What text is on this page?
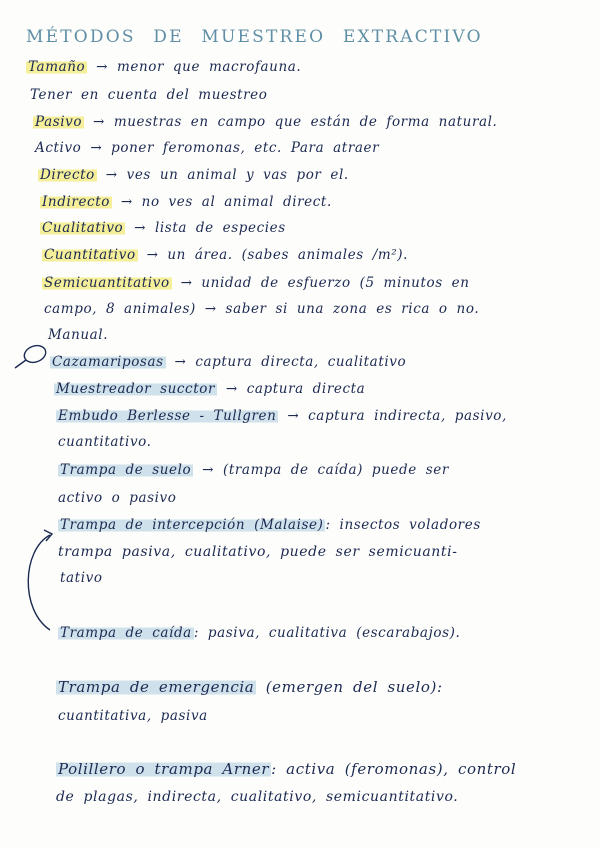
MÉTODOS DE MUESTREO EXTRACTIVO
Tamaño → menor que macrofauna.
Tener en cuenta del muestreo
Pasivo → muestras en campo que están de forma natural.
Activo → poner feromonas, etc. Para atraer
Directo → ves un animal y vas por el.
Indirecto → no ves al animal direct.
Cualitativo → lista de especies
Cuantitativo → un área. (sabes animales /m²).
Semicuantitativo → unidad de esfuerzo (5 minutos en
campo, 8 animales) → saber si una zona es rica o no.
Manual.
Cazamariposas → captura directa, cualitativo
Muestreador succtor → captura directa
Embudo Berlesse - Tullgren → captura indirecta, pasivo,
cuantitativo.
Trampa de suelo → (trampa de caída) puede ser
activo o pasivo
Trampa de intercepción (Malaise) : insectos voladores
trampa pasiva, cualitativo, puede ser semicuanti-
tativo
Trampa de caída : pasiva, cualitativa (escarabajos).
Trampa de emergencia (emergen del suelo):
cuantitativa, pasiva
Polillero o trampa Arner : activa (feromonas), control
de plagas, indirecta, cualitativo, semicuantitativo.
